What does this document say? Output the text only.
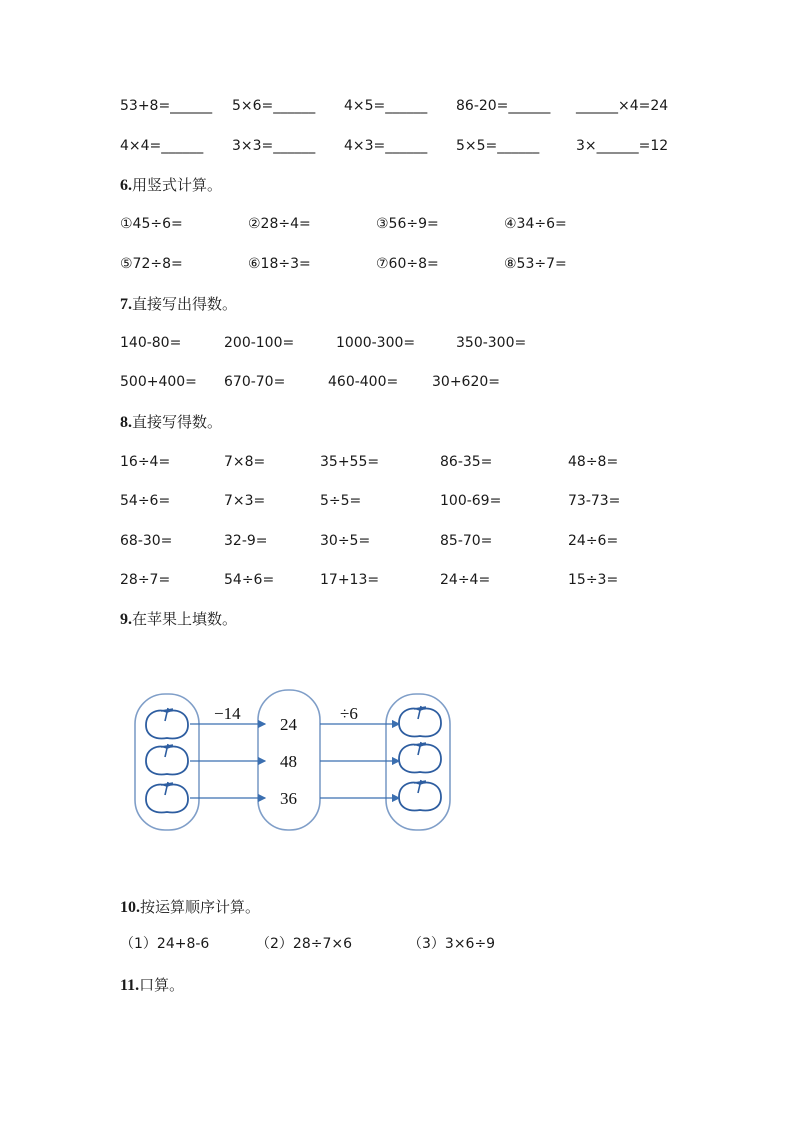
53+8=______ 5×6=______ 4×5=______ 86-20=______ ______×4=24
4×4=______ 3×3=______ 4×3=______ 5×5=______	3×______=12
6.用竖式计算。
①45÷6=	②28÷4=	③56÷9=	④34÷6=
⑤72÷8=	⑥18÷3=	⑦60÷8=	⑧53÷7=
7.直接写出得数。
140-80=	200-100=	1000-300=	350-300=
500+400= 670-70=	460-400= 30+620=
8.直接写得数。
16÷4=	7×8=	35+55=	86-35=	48÷8=
54÷6=	7×3=	5÷5=	100-69=	73-73=
68-30=	32-9=	30÷5=	85-70=	24÷6=
28÷7=	54÷6=	17+13=	24÷4=	15÷3=
9.在苹果上填数。
−14	÷6
24
48
36
10.按运算顺序计算。
（1）24+8-6	（2）28÷7×6	（3）3×6÷9
11.口算。
